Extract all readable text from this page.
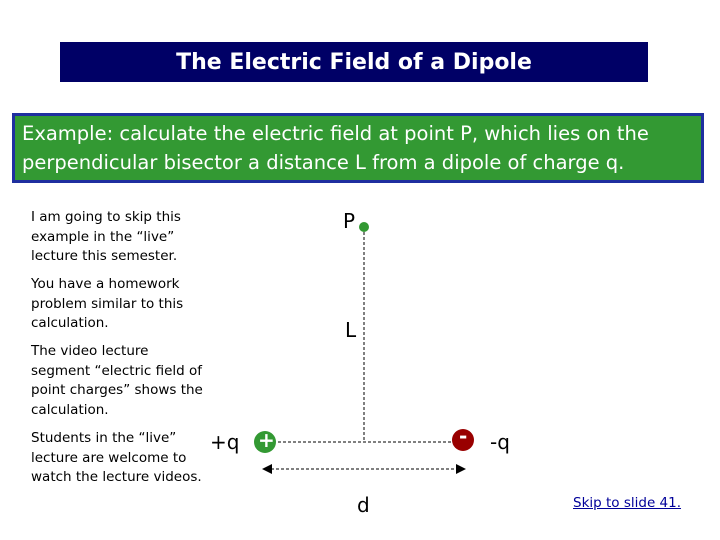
The Electric Field of a Dipole
Example: calculate the electric field at point P, which lies on the
perpendicular bisector a distance L from a dipole of charge q.
I am going to skip this example in the “live” lecture this semester.
You have a homework problem similar to this calculation.
The video lecture segment “electric field of point charges” shows the calculation.
Students in the “live” lecture are welcome to watch the lecture videos.
P
L
+	-
+q	-q
d	Skip to slide 41.
